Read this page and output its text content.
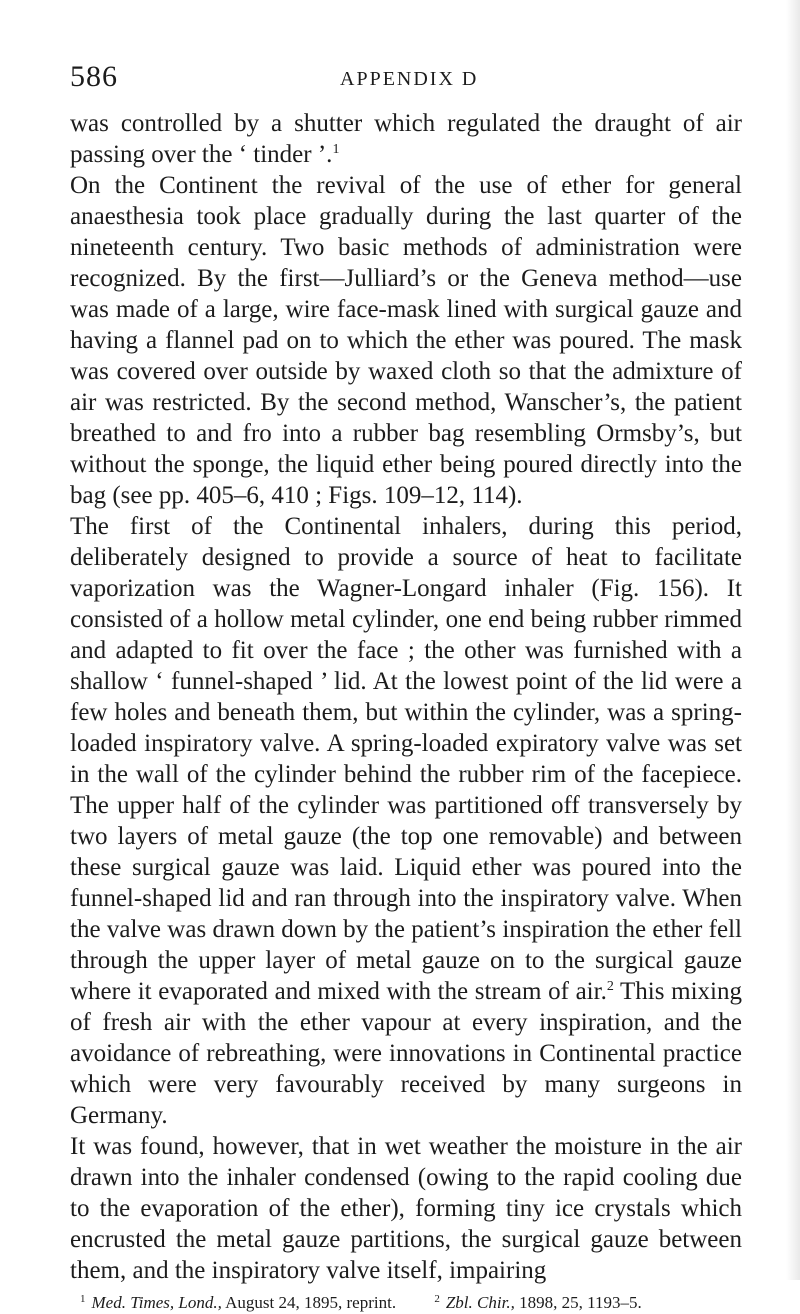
586	APPENDIX D

was controlled by a shutter which regulated the draught of air passing over the ‘ tinder ’.$^1$

On the Continent the revival of the use of ether for general anaesthesia took place gradually during the last quarter of the nineteenth century. Two basic methods of administration were recognized. By the first—Julliard’s or the Geneva method—use was made of a large, wire face-mask lined with surgical gauze and having a flannel pad on to which the ether was poured. The mask was covered over outside by waxed cloth so that the admixture of air was restricted. By the second method, Wanscher’s, the patient breathed to and fro into a rubber bag resembling Ormsby’s, but without the sponge, the liquid ether being poured directly into the bag (see pp. 405–6, 410 ; Figs. 109–12, 114).

The first of the Continental inhalers, during this period, deliberately designed to provide a source of heat to facilitate vaporization was the Wagner-Longard inhaler (Fig. 156). It consisted of a hollow metal cylinder, one end being rubber rimmed and adapted to fit over the face ; the other was furnished with a shallow ‘ funnel-shaped ’ lid. At the lowest point of the lid were a few holes and beneath them, but within the cylinder, was a spring-loaded inspiratory valve. A spring-loaded expiratory valve was set in the wall of the cylinder behind the rubber rim of the facepiece. The upper half of the cylinder was partitioned off transversely by two layers of metal gauze (the top one removable) and between these surgical gauze was laid. Liquid ether was poured into the funnel-shaped lid and ran through into the inspiratory valve. When the valve was drawn down by the patient’s inspiration the ether fell through the upper layer of metal gauze on to the surgical gauze where it evaporated and mixed with the stream of air.$^2$ This mixing of fresh air with the ether vapour at every inspiration, and the avoidance of rebreathing, were innovations in Continental practice which were very favourably received by many surgeons in Germany.

It was found, however, that in wet weather the moisture in the air drawn into the inhaler condensed (owing to the rapid cooling due to the evaporation of the ether), forming tiny ice crystals which encrusted the metal gauze partitions, the surgical gauze between them, and the inspiratory valve itself, impairing

$^1$ Med. Times, Lond., August 24, 1895, reprint.	$^2$ Zbl. Chir., 1898, 25, 1193–5.
